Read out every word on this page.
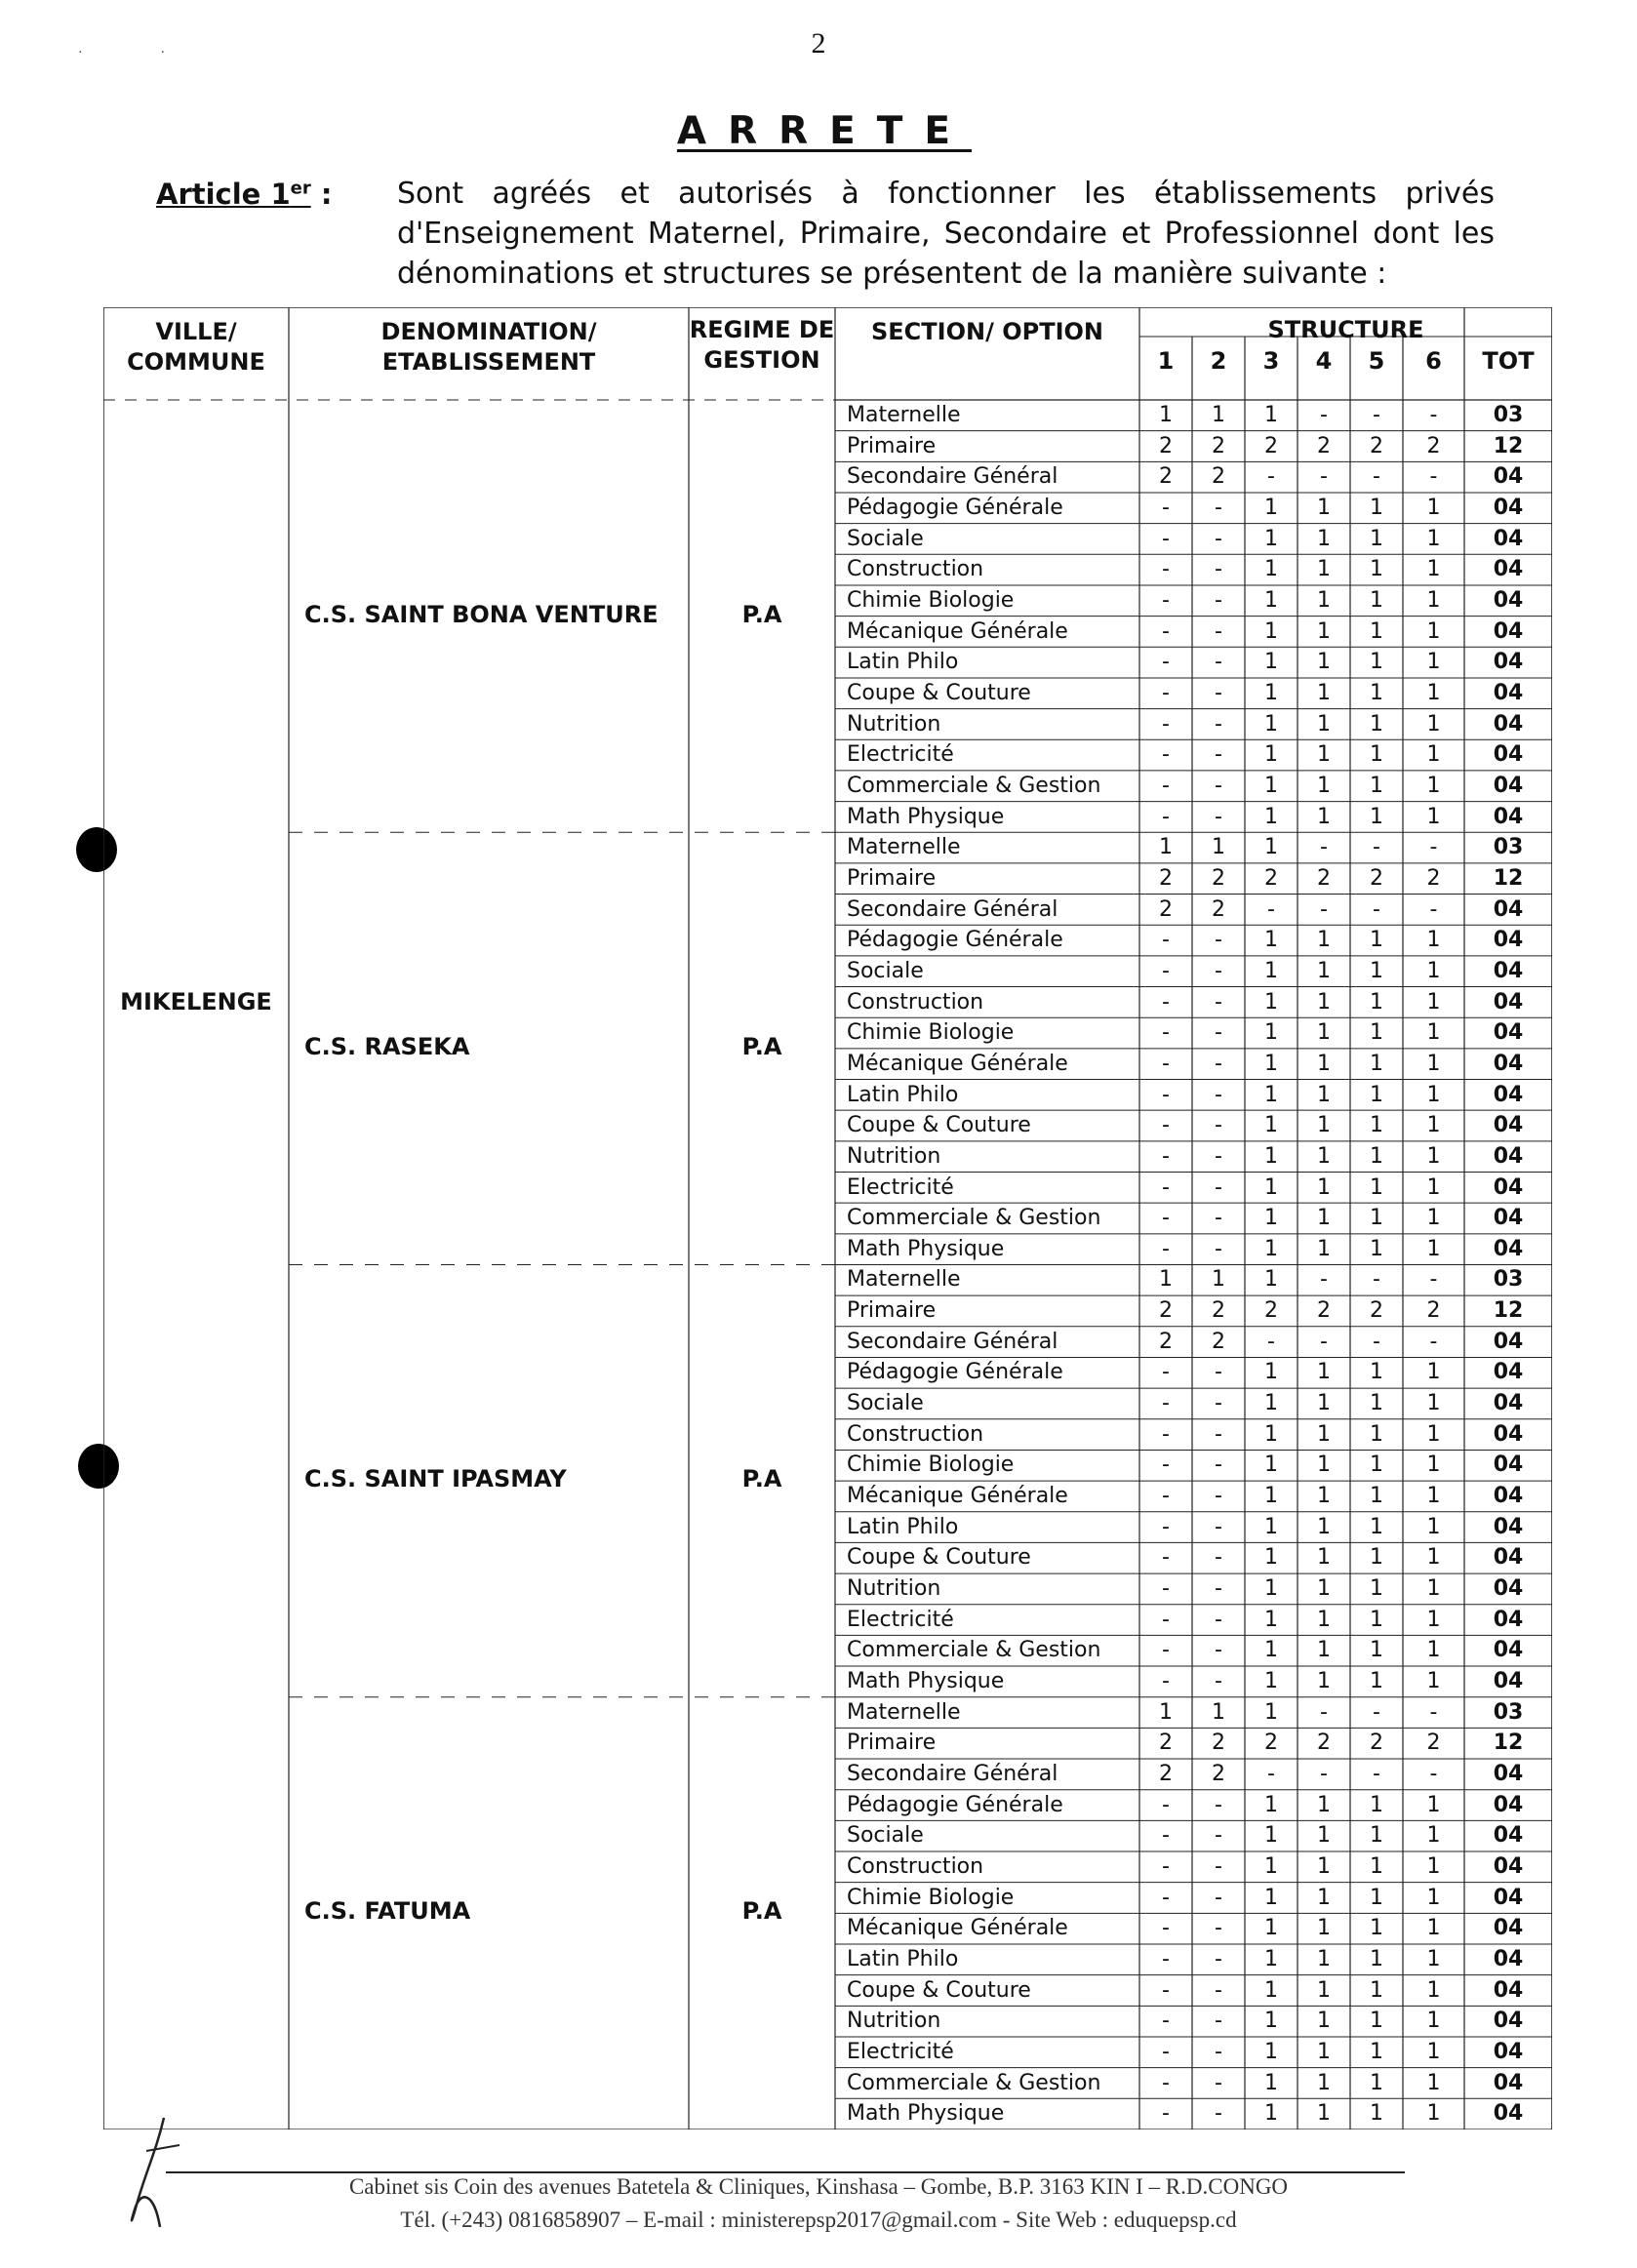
2
··
ARRETE
Article 1er : Sont agréés et autorisés à fonctionner les établissements privés d'Enseignement Maternel, Primaire, Secondaire et Professionnel dont les dénominations et structures se présentent de la manière suivante :
VILLE/ COMMUNE
DENOMINATION/ ETABLISSEMENT
REGIME DE GESTION
SECTION/ OPTION	STRUCTURE
1	2	3	4	5	6	TOT
MIKELENGE
C.S. SAINT BONA VENTURE	P.A
C.S. RASEKA	P.A
C.S. SAINT IPASMAY	P.A
C.S. FATUMA	P.A
Maternelle	1	1	1	-	-	-	03
Primaire	2	2	2	2	2	2	12
Secondaire Général	2	2	-	-	-	-	04
Pédagogie Générale	-	-	1	1	1	1	04
Sociale	-	-	1	1	1	1	04
Construction	-	-	1	1	1	1	04
Chimie Biologie	-	-	1	1	1	1	04
Mécanique Générale	-	-	1	1	1	1	04
Latin Philo	-	-	1	1	1	1	04
Coupe & Couture	-	-	1	1	1	1	04
Nutrition	-	-	1	1	1	1	04
Electricité	-	-	1	1	1	1	04
Commerciale & Gestion	-	-	1	1	1	1	04
Math Physique	-	-	1	1	1	1	04
Maternelle	1	1	1	-	-	-	03
Primaire	2	2	2	2	2	2	12
Secondaire Général	2	2	-	-	-	-	04
Pédagogie Générale	-	-	1	1	1	1	04
Sociale	-	-	1	1	1	1	04
Construction	-	-	1	1	1	1	04
Chimie Biologie	-	-	1	1	1	1	04
Mécanique Générale	-	-	1	1	1	1	04
Latin Philo	-	-	1	1	1	1	04
Coupe & Couture	-	-	1	1	1	1	04
Nutrition	-	-	1	1	1	1	04
Electricité	-	-	1	1	1	1	04
Commerciale & Gestion	-	-	1	1	1	1	04
Math Physique	-	-	1	1	1	1	04
Maternelle	1	1	1	-	-	-	03
Primaire	2	2	2	2	2	2	12
Secondaire Général	2	2	-	-	-	-	04
Pédagogie Générale	-	-	1	1	1	1	04
Sociale	-	-	1	1	1	1	04
Construction	-	-	1	1	1	1	04
Chimie Biologie	-	-	1	1	1	1	04
Mécanique Générale	-	-	1	1	1	1	04
Latin Philo	-	-	1	1	1	1	04
Coupe & Couture	-	-	1	1	1	1	04
Nutrition	-	-	1	1	1	1	04
Electricité	-	-	1	1	1	1	04
Commerciale & Gestion	-	-	1	1	1	1	04
Math Physique	-	-	1	1	1	1	04
Maternelle	1	1	1	-	-	-	03
Primaire	2	2	2	2	2	2	12
Secondaire Général	2	2	-	-	-	-	04
Pédagogie Générale	-	-	1	1	1	1	04
Sociale	-	-	1	1	1	1	04
Construction	-	-	1	1	1	1	04
Chimie Biologie	-	-	1	1	1	1	04
Mécanique Générale	-	-	1	1	1	1	04
Latin Philo	-	-	1	1	1	1	04
Coupe & Couture	-	-	1	1	1	1	04
Nutrition	-	-	1	1	1	1	04
Electricité	-	-	1	1	1	1	04
Commerciale & Gestion	-	-	1	1	1	1	04
Math Physique	-	-	1	1	1	1	04
Cabinet sis Coin des avenues Batetela & Cliniques, Kinshasa – Gombe, B.P. 3163 KIN I – R.D.CONGO
Tél. (+243) 0816858907 – E-mail : ministerepsp2017@gmail.com - Site Web : eduquepsp.cd
